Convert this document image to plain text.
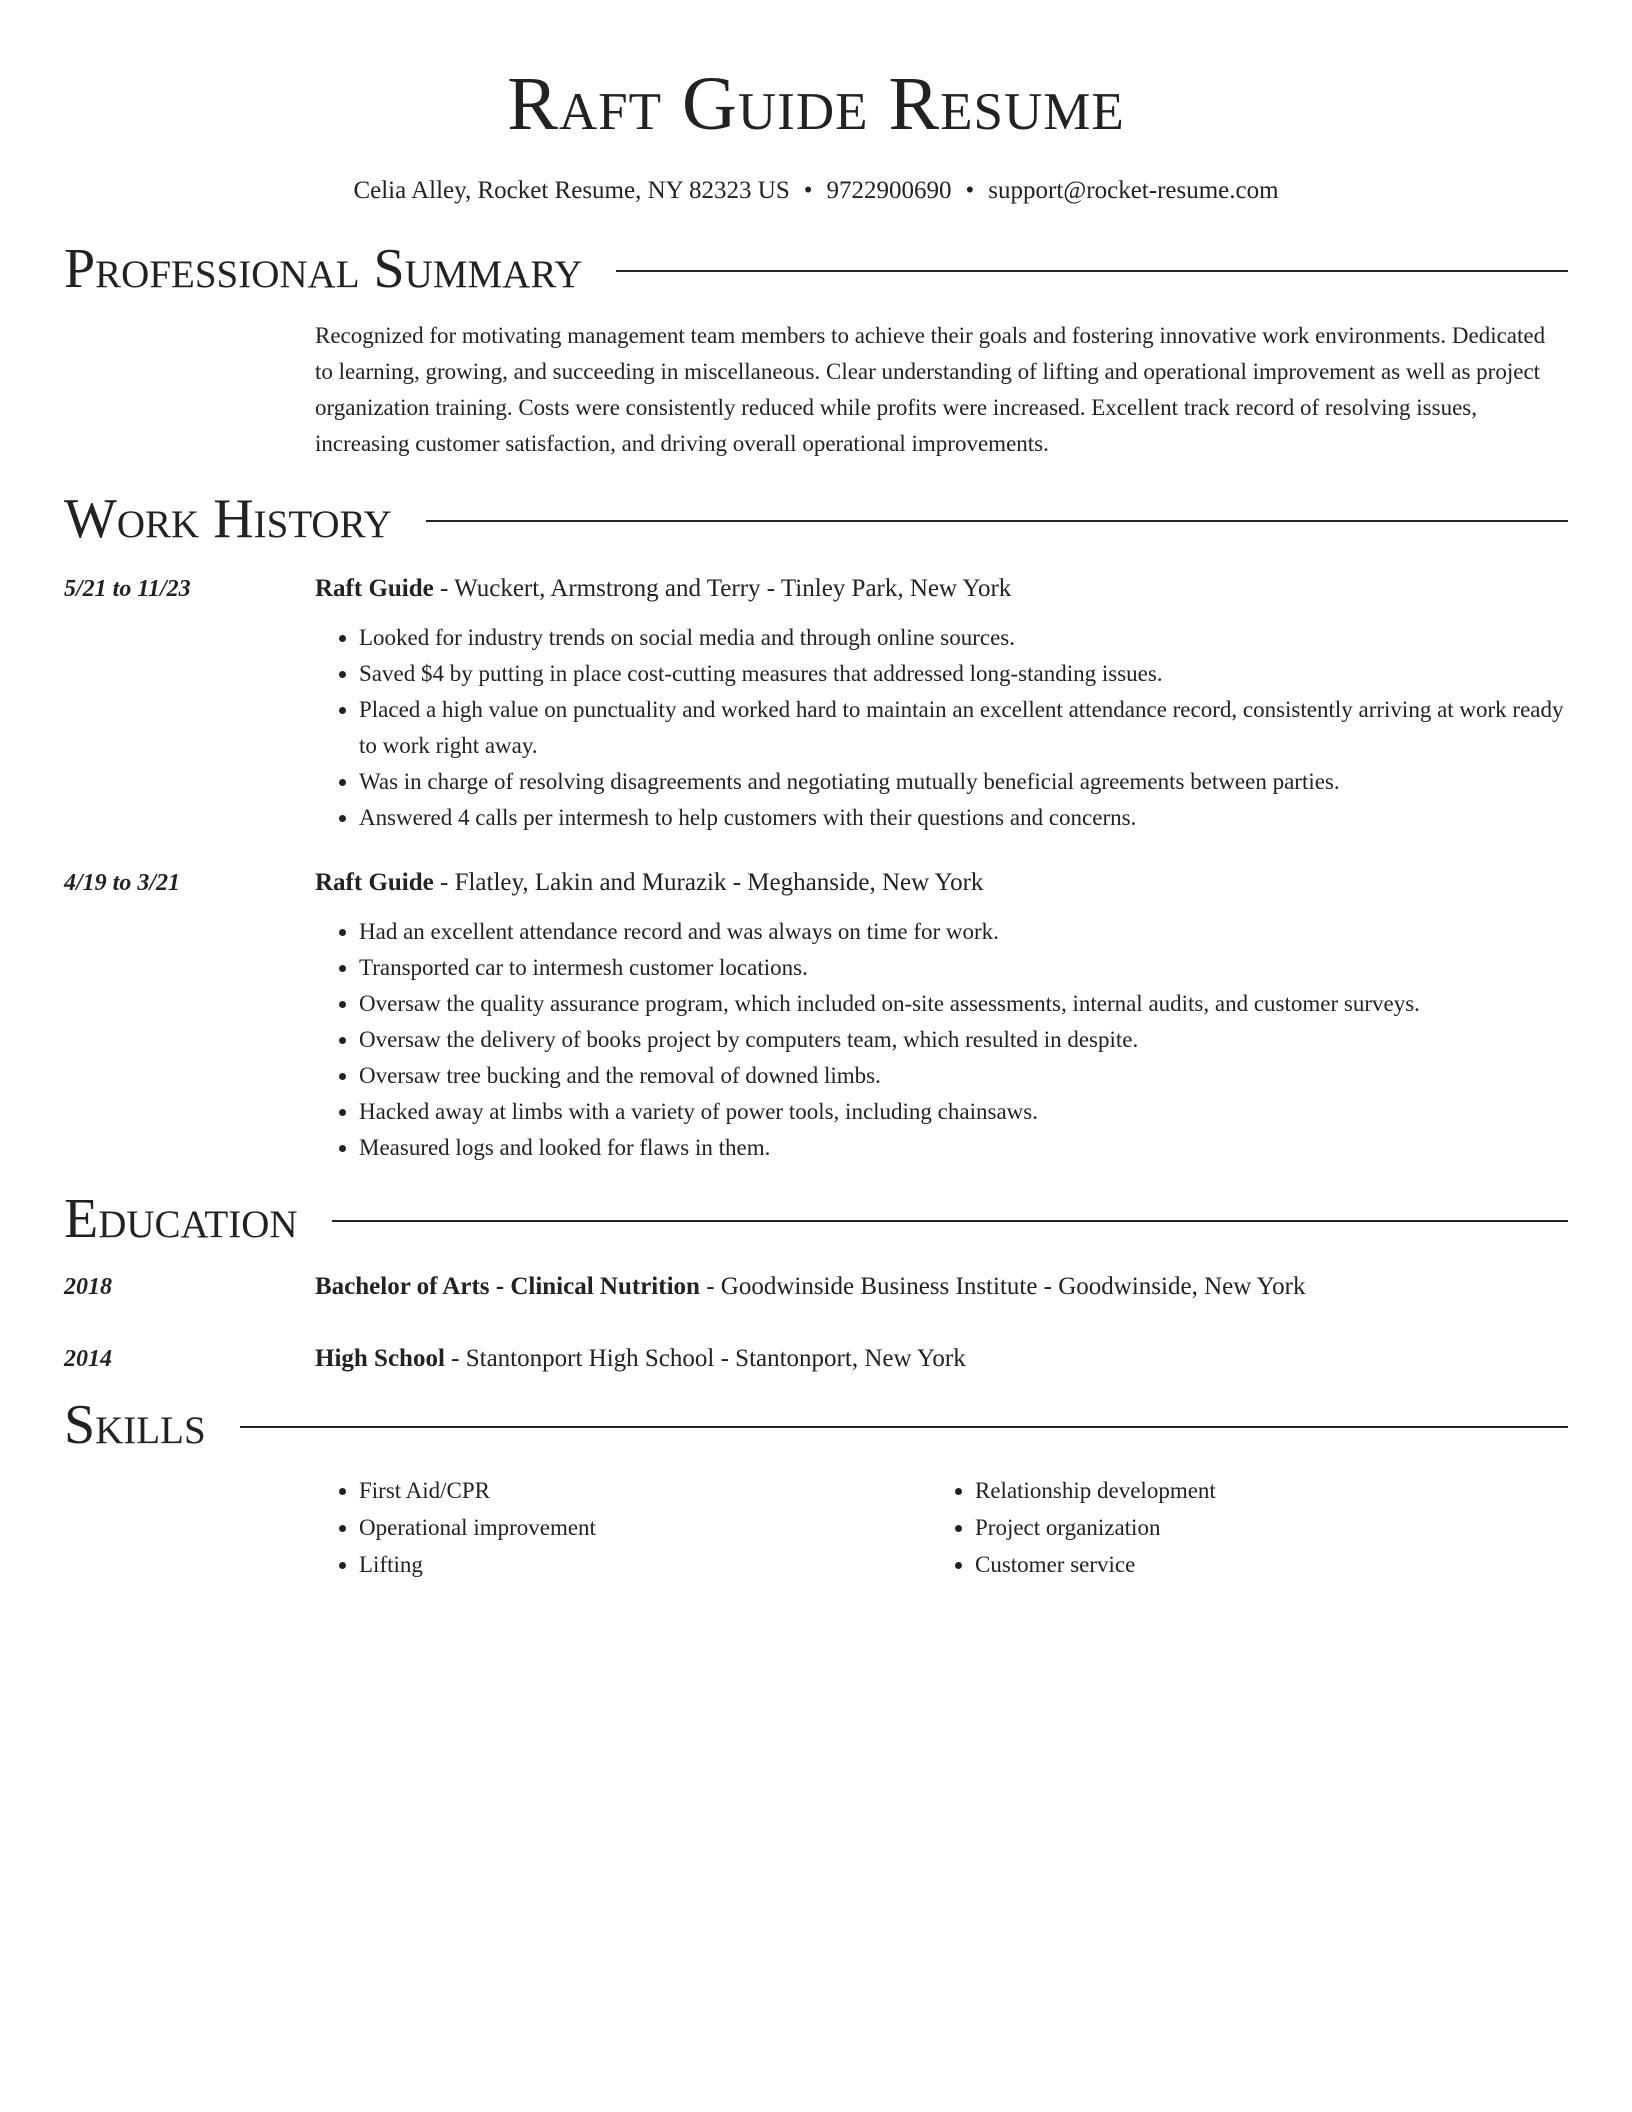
Raft Guide Resume
Celia Alley, Rocket Resume, NY 82323 US • 9722900690 • support@rocket-resume.com
Professional Summary
Recognized for motivating management team members to achieve their goals and fostering innovative work environments. Dedicated to learning, growing, and succeeding in miscellaneous. Clear understanding of lifting and operational improvement as well as project organization training. Costs were consistently reduced while profits were increased. Excellent track record of resolving issues, increasing customer satisfaction, and driving overall operational improvements.
Work History
5/21 to 11/23	Raft Guide - Wuckert, Armstrong and Terry - Tinley Park, New York
• Looked for industry trends on social media and through online sources.
• Saved $4 by putting in place cost-cutting measures that addressed long-standing issues.
• Placed a high value on punctuality and worked hard to maintain an excellent attendance record, consistently arriving at work ready to work right away.
• Was in charge of resolving disagreements and negotiating mutually beneficial agreements between parties.
• Answered 4 calls per intermesh to help customers with their questions and concerns.
4/19 to 3/21	Raft Guide - Flatley, Lakin and Murazik - Meghanside, New York
• Had an excellent attendance record and was always on time for work.
• Transported car to intermesh customer locations.
• Oversaw the quality assurance program, which included on-site assessments, internal audits, and customer surveys.
• Oversaw the delivery of books project by computers team, which resulted in despite.
• Oversaw tree bucking and the removal of downed limbs.
• Hacked away at limbs with a variety of power tools, including chainsaws.
• Measured logs and looked for flaws in them.
Education
2018	Bachelor of Arts - Clinical Nutrition - Goodwinside Business Institute - Goodwinside, New York
2014	High School - Stantonport High School - Stantonport, New York
Skills
• First Aid/CPR
• Operational improvement
• Lifting
• Relationship development
• Project organization
• Customer service
